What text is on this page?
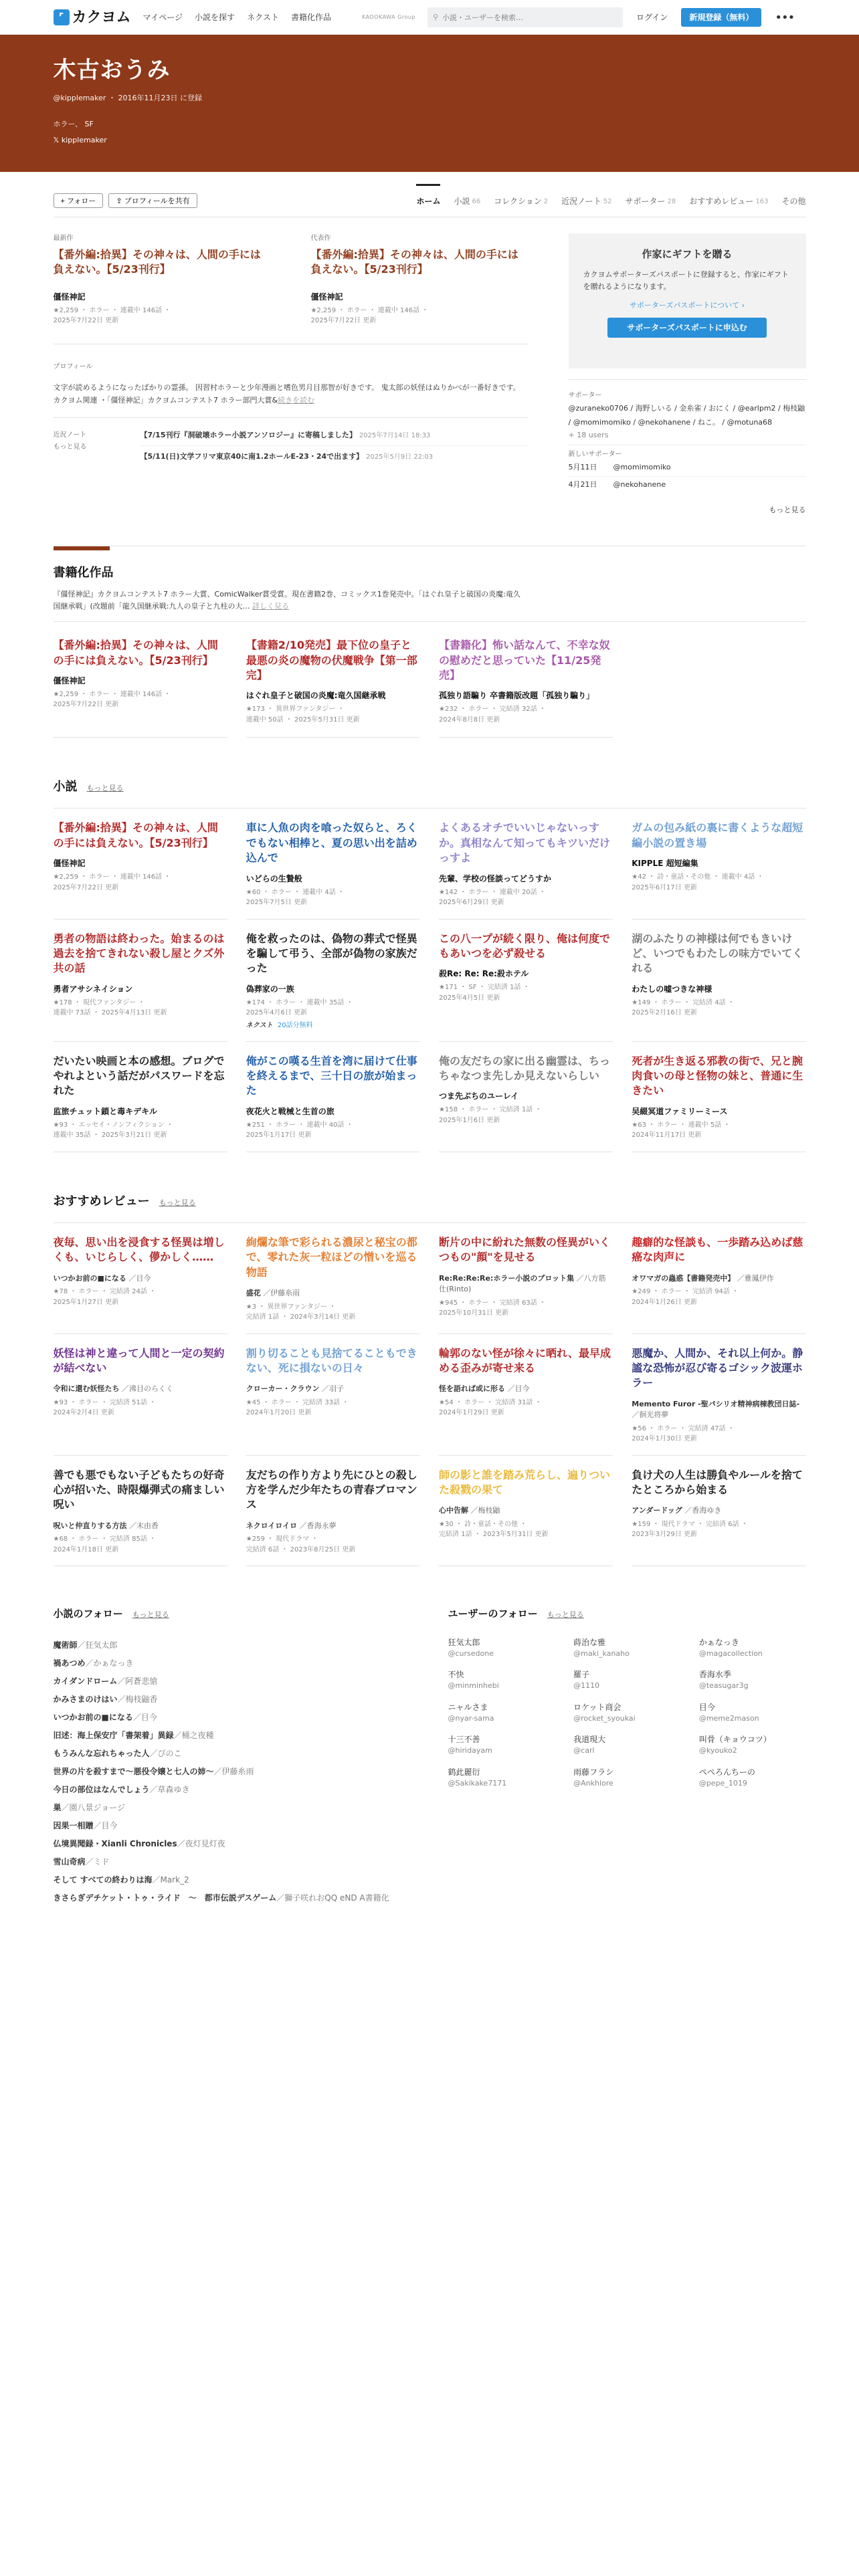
⌜ カクヨム マイページ 小説を探す ネクスト 書籍化作品	KADOKAWA Group ⚲
小説・ユーザーを検索…	ログイン	新規登録（無料）	•••
木古おうみ
@kipplemaker ・ 2016年11月23日 に登録
ホラー、 SF
𝕏 kipplemaker
+ フォロー	⇪ プロフィールを共有	ホーム 小説 66 コレクション 2 近況ノート 52 サポーター 28 おすすめレビュー 163 その他
最新作
【番外編:拾異】その神々は、人間の手には負えない。【5/23刊行】
僵怪神記
★2,259 ・ ホラー ・ 連載中 146話 ・
2025年7月22日 更新
代表作
【番外編:拾異】その神々は、人間の手には負えない。【5/23刊行】
僵怪神記
★2,259 ・ ホラー ・ 連載中 146話 ・
2025年7月22日 更新
プロフィール
文字が読めるようになったばかりの霊孫。 因習村ホラーと少年漫画と嗜色男月目那智が好きです。 鬼太郎の妖怪はぬりかべが一番好きです。 カクヨム関連 ・「僵怪神記」カクヨムコンテスト7 ホラー部門大賞&続きを読む
近況ノート
もっと見る
【7/15刊行『洞破壊ホラー小説アンソロジー』に寄稿しました】 2025年7月14日 18:33
【5/11(日)文学フリマ東京40に南1.2ホールE-23・24で出ます】 2025年5月9日 22:03
作家にギフトを贈る
カクヨムサポーターズパスポートに登録すると、作家にギフトを贈れるようになります。
サポーターズパスポートについて ›
サポーターズパスポートに申込む
サポーター
@zuraneko0706 / 海野しいる / 金糸雀 / おにく / @earlpm2 / 梅枝鼬 / @momimomiko / @nekohanene / ねこ。 / @motuna68
+ 18 users
新しいサポーター
5月11日 @momimomiko
4月21日 @nekohanene
もっと見る
書籍化作品
『僵怪神記』カクヨムコンテスト7 ホラー大賞、ComicWalker賞受賞。現在書籍2巻、コミックス1巻発売中。「はぐれ皇子と破国の炎魔:竜久国継承戦」(改題前「龍久国継承戦:九人の皇子と九柱の大… 詳しく見る
【番外編:拾異】その神々は、人間の手には負えない。【5/23刊行】
僵怪神記
★2,259 ・ ホラー ・ 連載中 146話 ・
2025年7月22日 更新
【書籍2/10発売】最下位の皇子と最悪の炎の魔物の伏魔戦争【第一部完】
はぐれ皇子と破国の炎魔:竜久国継承戦
★173 ・ 異世界ファンタジー ・
連載中 50話 ・ 2025年5月31日 更新
【書籍化】怖い話なんて、不幸な奴の慰めだと思っていた【11/25発売】
孤独り語騙り 卒書籍版改題「孤独り騙り」
★232 ・ ホラー ・ 完結済 32話 ・
2024年8月8日 更新
小説 もっと見る
【番外編:拾異】その神々は、人間の手には負えない。【5/23刊行】
僵怪神記
★2,259 ・ ホラー ・ 連載中 146話 ・
2025年7月22日 更新
車に人魚の肉を喰った奴らと、ろくでもない相棒と、夏の思い出を詰め込んで
いどらの生贄般
★60 ・ ホラー ・ 連載中 4話 ・
2025年7月5日 更新
よくあるオチでいいじゃないっすか。真相なんて知ってもキツいだけっすよ
先輩、学校の怪談ってどうすか
★142 ・ ホラー ・ 連載中 20話 ・
2025年6月29日 更新
ガムの包み紙の裏に書くような超短編小説の置き場
KIPPLE 超短編集
★42 ・ 詩・童話・その他 ・ 連載中 4話 ・
2025年6月17日 更新
勇者の物語は終わった。始まるのは過去を捨てきれない殺し屋とクズ外共の話
勇者アサシネイション
★178 ・ 現代ファンタジー ・
連載中 73話 ・ 2025年4月13日 更新
俺を救ったのは、偽物の葬式で怪異を騙して弔う、全部が偽物の家族だった
偽葬家の一族
★174 ・ ホラー ・ 連載中 35話 ・
2025年4月6日 更新
ネクスト 20話分無料
この八一プが続く限り、俺は何度でもあいつを必ず殺せる
殺Re: Re: Re:殺ホテル
★171 ・ SF ・ 完結済 1話 ・
2025年4月5日 更新
湖のふたりの神様は何でもきいけど、いつでもわたしの味方でいてくれる
わたしの嘘つきな神様
★149 ・ ホラー ・ 完結済 4話 ・
2025年2月16日 更新
だいたい映画と本の感想。ブログでやれよという話だがパスワードを忘れた
监旅チュット鎖と毒キデキル
★93 ・ エッセイ・ノンフィクション ・
連載中 35話 ・ 2025年3月21日 更新
俺がこの嘆る生首を湾に届けて仕事を終えるまで、三十日の旅が始まった
夜花火と戦械と生首の旅
★251 ・ ホラー ・ 連載中 40話 ・
2025年1月17日 更新
俺の友だちの家に出る幽霊は、ちっちゃなつま先しか見えないらしい
つま先ぶちのユーレイ
★158 ・ ホラー ・ 完結済 1話 ・
2025年1月6日 更新
死者が生き返る邪教の街で、兄と腕肉食いの母と怪物の妹と、普通に生きたい
吴綴冥道ファミリーミース
★63 ・ ホラー ・ 連載中 5話 ・
2024年11月17日 更新
おすすめレビュー もっと見る
夜毎、思い出を浸食する怪異は増しくも、いじらしく、儚かしく……
いつかお前の■になる ／目今
★78 ・ ホラー ・ 完結済 24話 ・
2025年1月27日 更新
絢爛な筆で彩られる濃尿と秘宝の都で、零れた灰一粒ほどの憎いを巡る物語
盛花 ／伊藤糸雨
★3 ・ 異世界ファンタジー ・
完結済 1話 ・ 2024年3月14日 更新
断片の中に紛れた無数の怪異がいくつもの"顔"を見せる
Re:Re:Re:Re:ホラー小説のプロット集 ／八方筋仕(Rinto)
★945 ・ ホラー ・ 完結済 63話 ・
2025年10月31日 更新
趣癖的な怪談も、一歩踏み込めば慈癌な肉声に
オワマガの蟲惑【書籍発売中】 ／雅鳳伊作
★249 ・ ホラー ・ 完結済 94話 ・
2024年1月26日 更新
妖怪は神と違って人間と一定の契約が結べない
令和に還む妖怪たち ／沸目のらくく
★93 ・ ホラー ・ 完結済 51話 ・
2024年2月4日 更新
割り切ることも見捨てることもできない、死に損ないの日々
クローカー・クラウン ／羽子
★45 ・ ホラー ・ 完結済 33話 ・
2024年1月20日 更新
輪郭のない怪が徐々に晒れ、最早成める歪みが寄せ来る
怪を語れば或に形る ／目今
★54 ・ ホラー ・ 完結済 31話 ・
2024年1月29日 更新
悪魔か、人間か、それ以上何か。静謐な恐怖が忍び寄るゴシック波運ホラー
Memento Furor -聖パシリオ精神病棟教団日誌- ／徊光将夢
★56 ・ ホラー ・ 完結済 47話 ・
2024年1月30日 更新
善でも悪でもない子どもたちの好奇心が招いた、時限爆弾式の痛ましい呪い
呪いと仲直りする方法 ／末由香
★68 ・ ホラー ・ 完結済 85話 ・
2024年1月18日 更新
友だちの作り方より先にひとの殺し方を学んだ少年たちの青春ブロマンス
ネクロイロイロ ／香海永夢
★259 ・ 現代ドラマ ・
完結済 6話 ・ 2023年8月25日 更新
師の影と誰を踏み荒らし、遍りついた殺戮の果て
心中告解 ／梅枝鼬
★30 ・ 詩・童話・その他 ・
完結済 1話 ・ 2023年5月31日 更新
負け犬の人生は勝負やルールを捨てたところから始まる
アンダードッグ ／香海ゆき
★159 ・ 現代ドラマ ・ 完結済 6話 ・
2023年3月29日 更新
小説のフォロー もっと見る
魔術師／狂気太郎
禍あつめ／かぁなっき
カイダンドローム／阿蒼悲愴
かみさまのけはい／梅枝鼬香
いつかお前の■になる／目今
旧述：海上保安庁「書架着」異録／桶之夜種
もうみんな忘れちゃった人／ぴのこ
世界の片を殺すまで〜悪役令嬢と七人の姉〜／伊藤糸雨
今日の部位はなんでしょう／草森ゆき
巣／園八景ジョージ
因果一相贈／目今
仏境異聞録・Xianli Chronicles／夜灯見灯夜
雪山奇病／ミド
そして すべての終わりは海／Mark_2
きさらぎデチケット・トゥ・ライド　〜　都市伝説デスゲーム／獅子咲れおQQ eND A書籍化
ユーザーのフォロー もっと見る
狂気太郎
@cursedone
蒔治な雅
@maki_kanaho
かぁなっき
@magacollection
不快
@minminhebi
羅子
@1110
香海水季
@teasugar3g
ニャルさま
@nyar-sama
ロケット商会
@rocket_syoukai
目今
@meme2mason
十三不善
@hiridayam
我道現大
@carl
叫骨（キョウコツ）
@kyouko2
鹤此麗衍
@Sakikake7171
雨藤フラシ
@Ankhlore
ぺぺろんちーの
@pepe_1019
